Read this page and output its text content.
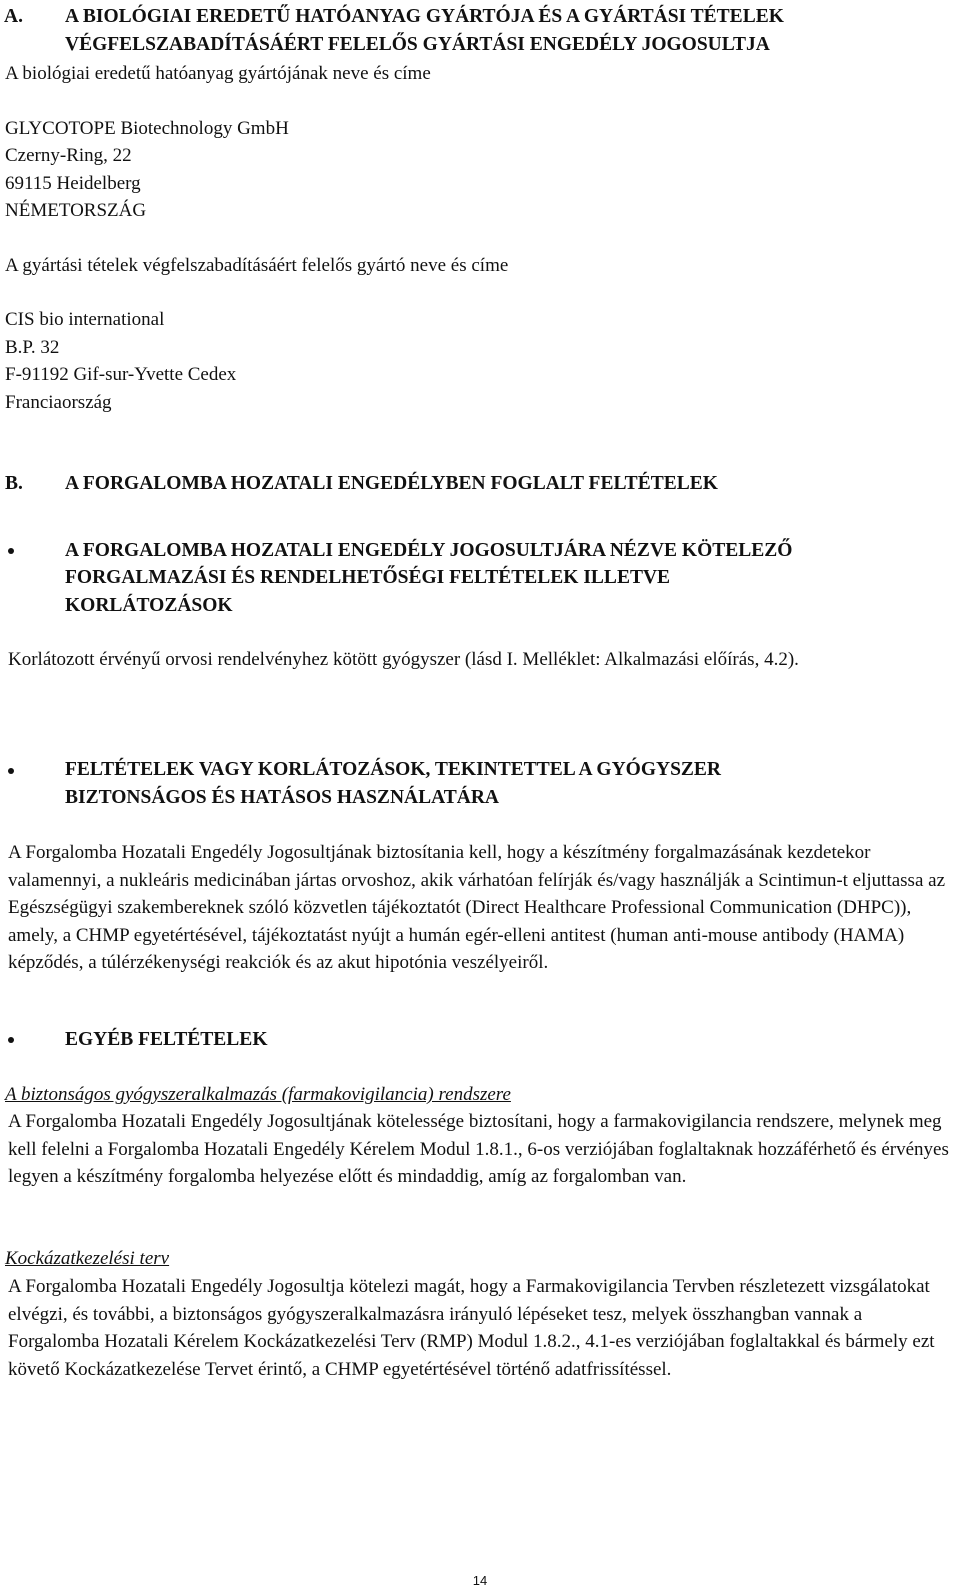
A. A BIOLÓGIAI EREDETŰ HATÓANYAG GYÁRTÓJA ÉS A GYÁRTÁSI TÉTELEK

VÉGFELSZABADÍTÁSÁÉRT FELELŐS GYÁRTÁSI ENGEDÉLY JOGOSULTJA

A biológiai eredetű hatóanyag gyártójának neve és címe

GLYCOTOPE Biotechnology GmbH

Czerny-Ring, 22

69115 Heidelberg

NÉMETORSZÁG

A gyártási tételek végfelszabadításáért felelős gyártó neve és címe

CIS bio international

B.P. 32

F-91192 Gif-sur-Yvette Cedex

Franciaország

B. A FORGALOMBA HOZATALI ENGEDÉLYBEN FOGLALT FELTÉTELEK

A FORGALOMBA HOZATALI ENGEDÉLY JOGOSULTJÁRA NÉZVE KÖTELEZŐ

FORGALMAZÁSI ÉS RENDELHETŐSÉGI FELTÉTELEK ILLETVE

KORLÁTOZÁSOK

Korlátozott érvényű orvosi rendelvényhez kötött gyógyszer (lásd I. Melléklet: Alkalmazási előírás, 4.2).

FELTÉTELEK VAGY KORLÁTOZÁSOK, TEKINTETTEL A GYÓGYSZER

BIZTONSÁGOS ÉS HATÁSOS HASZNÁLATÁRA

A Forgalomba Hozatali Engedély Jogosultjának biztosítania kell, hogy a készítmény forgalmazásának kezdetekor valamennyi, a nukleáris medicinában jártas orvoshoz, akik várhatóan felírják és/vagy használják a Scintimun-t eljuttassa az Egészségügyi szakembereknek szóló közvetlen tájékoztatót (Direct Healthcare Professional Communication (DHPC)), amely, a CHMP egyetértésével, tájékoztatást nyújt a humán egér-elleni antitest (human anti-mouse antibody (HAMA) képződés, a túlérzékenységi reakciók és az akut hipotónia veszélyeiről.

EGYÉB FELTÉTELEK

A biztonságos gyógyszeralkalmazás (farmakovigilancia) rendszere

A Forgalomba Hozatali Engedély Jogosultjának kötelessége biztosítani, hogy a farmakovigilancia rendszere, melynek meg kell felelni a Forgalomba Hozatali Engedély Kérelem Modul 1.8.1., 6-os verziójában foglaltaknak hozzáférhető és érvényes legyen a készítmény forgalomba helyezése előtt és mindaddig, amíg az forgalomban van.

Kockázatkezelési terv

A Forgalomba Hozatali Engedély Jogosultja kötelezi magát, hogy a Farmakovigilancia Tervben részletezett vizsgálatokat elvégzi, és további, a biztonságos gyógyszeralkalmazásra irányuló lépéseket tesz, melyek összhangban vannak a Forgalomba Hozatali Kérelem Kockázatkezelési Terv (RMP) Modul 1.8.2., 4.1-es verziójában foglaltakkal és bármely ezt követő Kockázatkezelése Tervet érintő, a CHMP egyetértésével történő adatfrissítéssel.

14
